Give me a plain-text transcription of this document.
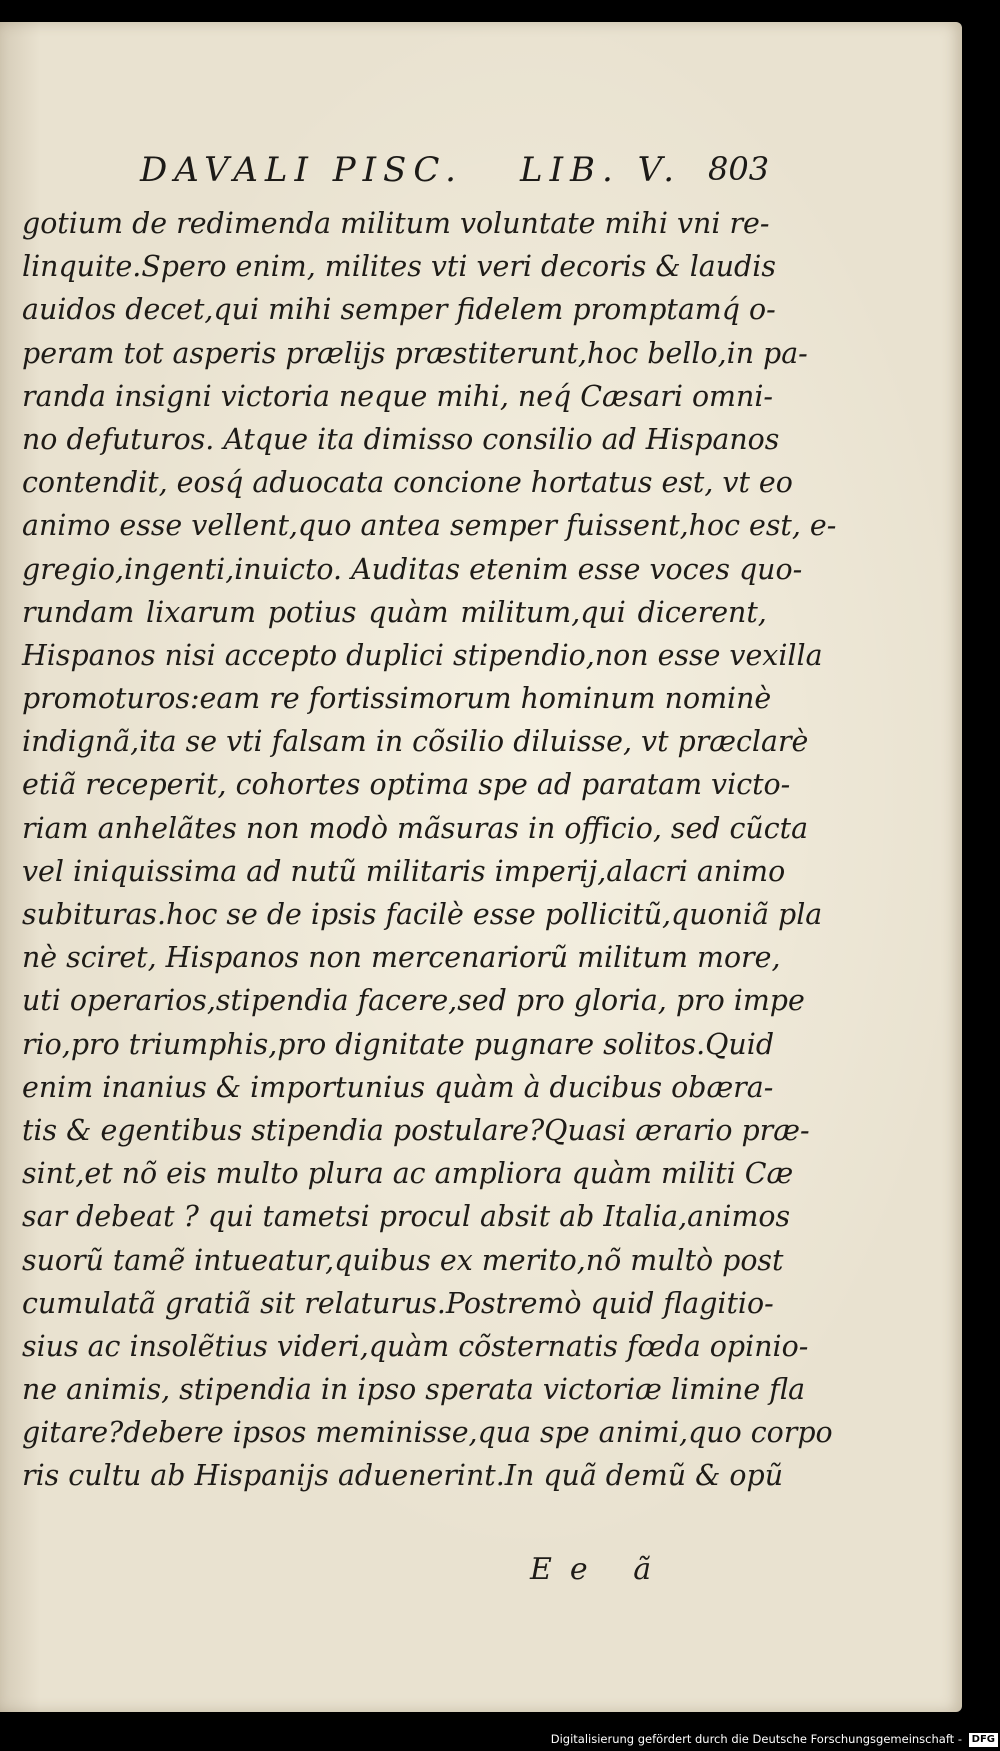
DAVALI PISC. LIB. V. 803
gotium de redimenda militum voluntate mihi vni re-
linquite.Spero enim, milites vti veri decoris & laudis
auidos decet,qui mihi semper fidelem promptamq́ o-
peram tot asperis prælijs præstiterunt,hoc bello,in pa-
randa insigni victoria neque mihi, neq́ Cæsari omni-
no defuturos. Atque ita dimisso consilio ad Hispanos
contendit, eosq́ aduocata concione hortatus est, vt eo
animo esse vellent,quo antea semper fuissent,hoc est, e-
gregio,ingenti,inuicto. Auditas etenim esse voces quo-
rundam lixarum potius quàm militum,qui dicerent,
Hispanos nisi accepto duplici stipendio,non esse vexilla
promoturos:eam re fortissimorum hominum nominè
indignã,ita se vti falsam in cõsilio diluisse, vt præclarè
etiã receperit, cohortes optima spe ad paratam victo-
riam anhelãtes non modò mãsuras in officio, sed cũcta
vel iniquissima ad nutũ militaris imperij,alacri animo
subituras.hoc se de ipsis facilè esse pollicitũ,quoniã pla
nè sciret, Hispanos non mercenariorũ militum more,
uti operarios,stipendia facere,sed pro gloria, pro impe
rio,pro triumphis,pro dignitate pugnare solitos.Quid
enim inanius & importunius quàm à ducibus obæra-
tis & egentibus stipendia postulare?Quasi ærario præ-
sint,et nõ eis multo plura ac ampliora quàm militi Cæ
sar debeat ? qui tametsi procul absit ab Italia,animos
suorũ tamẽ intueatur,quibus ex merito,nõ multò post
cumulatã gratiã sit relaturus.Postremò quid flagitio-
sius ac insolẽtius videri,quàm cõsternatis fœda opinio-
ne animis, stipendia in ipso sperata victoriæ limine fla
gitare?debere ipsos meminisse,qua spe animi,quo corpo
ris cultu ab Hispanijs aduenerint.In quã demũ & opũ
Ee ã
Digitalisierung gefördert durch die Deutsche Forschungsgemeinschaft - DFG
